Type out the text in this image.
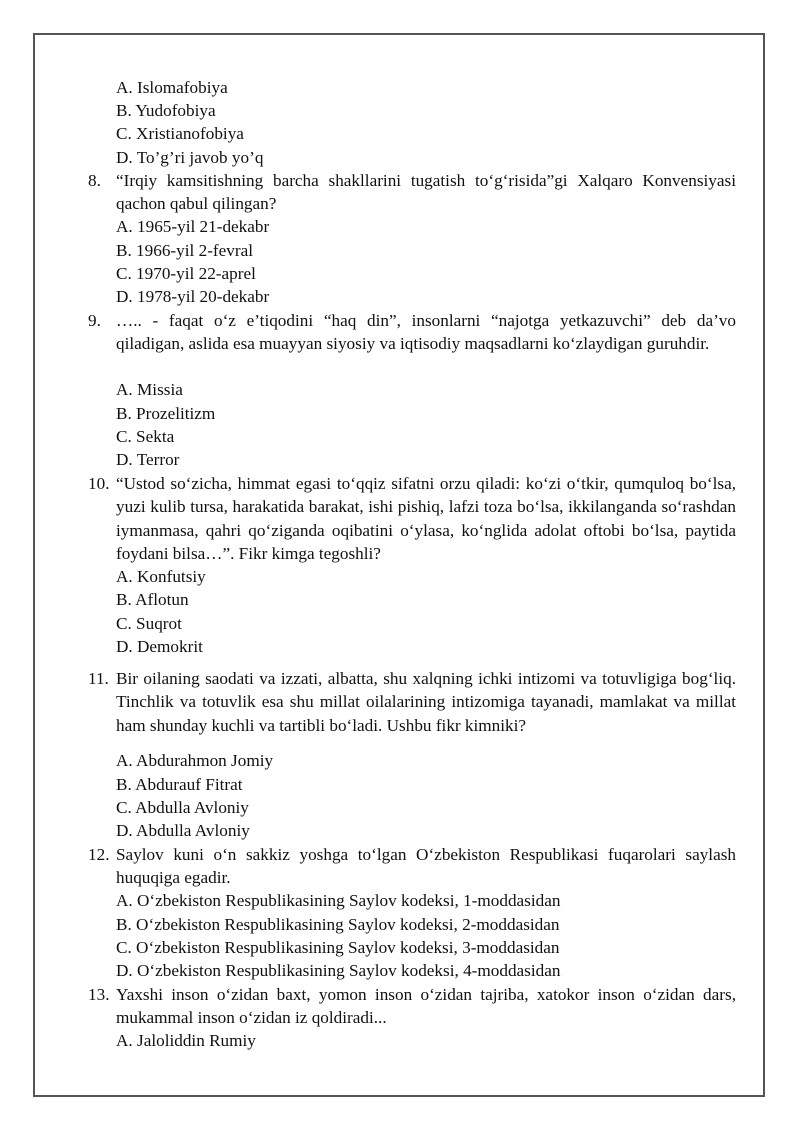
A. Islomafobiya
B. Yudofobiya
C. Xristianofobiya
D. To’g’ri javob yo’q
8. “Irqiy kamsitishning barcha shakllarini tugatish to‘g‘risida”gi Xalqaro Konvensiyasi qachon qabul qilingan?
A. 1965-yil 21-dekabr
B. 1966-yil 2-fevral
C. 1970-yil 22-aprel
D. 1978-yil 20-dekabr
9. ….. - faqat o‘z e’tiqodini “haq din”, insonlarni “najotga yetkazuvchi” deb da’vo qiladigan, aslida esa muayyan siyosiy va iqtisodiy maqsadlarni ko‘zlaydigan guruhdir.
A. Missia
B. Prozelitizm
C. Sekta
D. Terror
10. “Ustod so‘zicha, himmat egasi to‘qqiz sifatni orzu qiladi: ko‘zi o‘tkir, qumquloq bo‘lsa, yuzi kulib tursa, harakatida barakat, ishi pishiq, lafzi toza bo‘lsa, ikkilanganda so‘rashdan iymanmasa, qahri qo‘ziganda oqibatini o‘ylasa, ko‘nglida adolat oftobi bo‘lsa, paytida foydani bilsa…”. Fikr kimga tegoshli?
A. Konfutsiy
B. Aflotun
C. Suqrot
D. Demokrit
11. Bir oilaning saodati va izzati, albatta, shu xalqning ichki intizomi va totuvligiga bog‘liq. Tinchlik va totuvlik esa shu millat oilalarining intizomiga tayanadi, mamlakat va millat ham shunday kuchli va tartibli bo‘ladi. Ushbu fikr kimniki?
A. Abdurahmon Jomiy
B. Abdurauf Fitrat
C. Abdulla Avloniy
D. Abdulla Avloniy
12. Saylov kuni o‘n sakkiz yoshga to‘lgan O‘zbekiston Respublikasi fuqarolari saylash huquqiga egadir.
A. O‘zbekiston Respublikasining Saylov kodeksi, 1-moddasidan
B. O‘zbekiston Respublikasining Saylov kodeksi, 2-moddasidan
C. O‘zbekiston Respublikasining Saylov kodeksi, 3-moddasidan
D. O‘zbekiston Respublikasining Saylov kodeksi, 4-moddasidan
13. Yaxshi inson o‘zidan baxt, yomon inson o‘zidan tajriba, xatokor inson o‘zidan dars, mukammal inson o‘zidan iz qoldiradi...
A. Jaloliddin Rumiy
